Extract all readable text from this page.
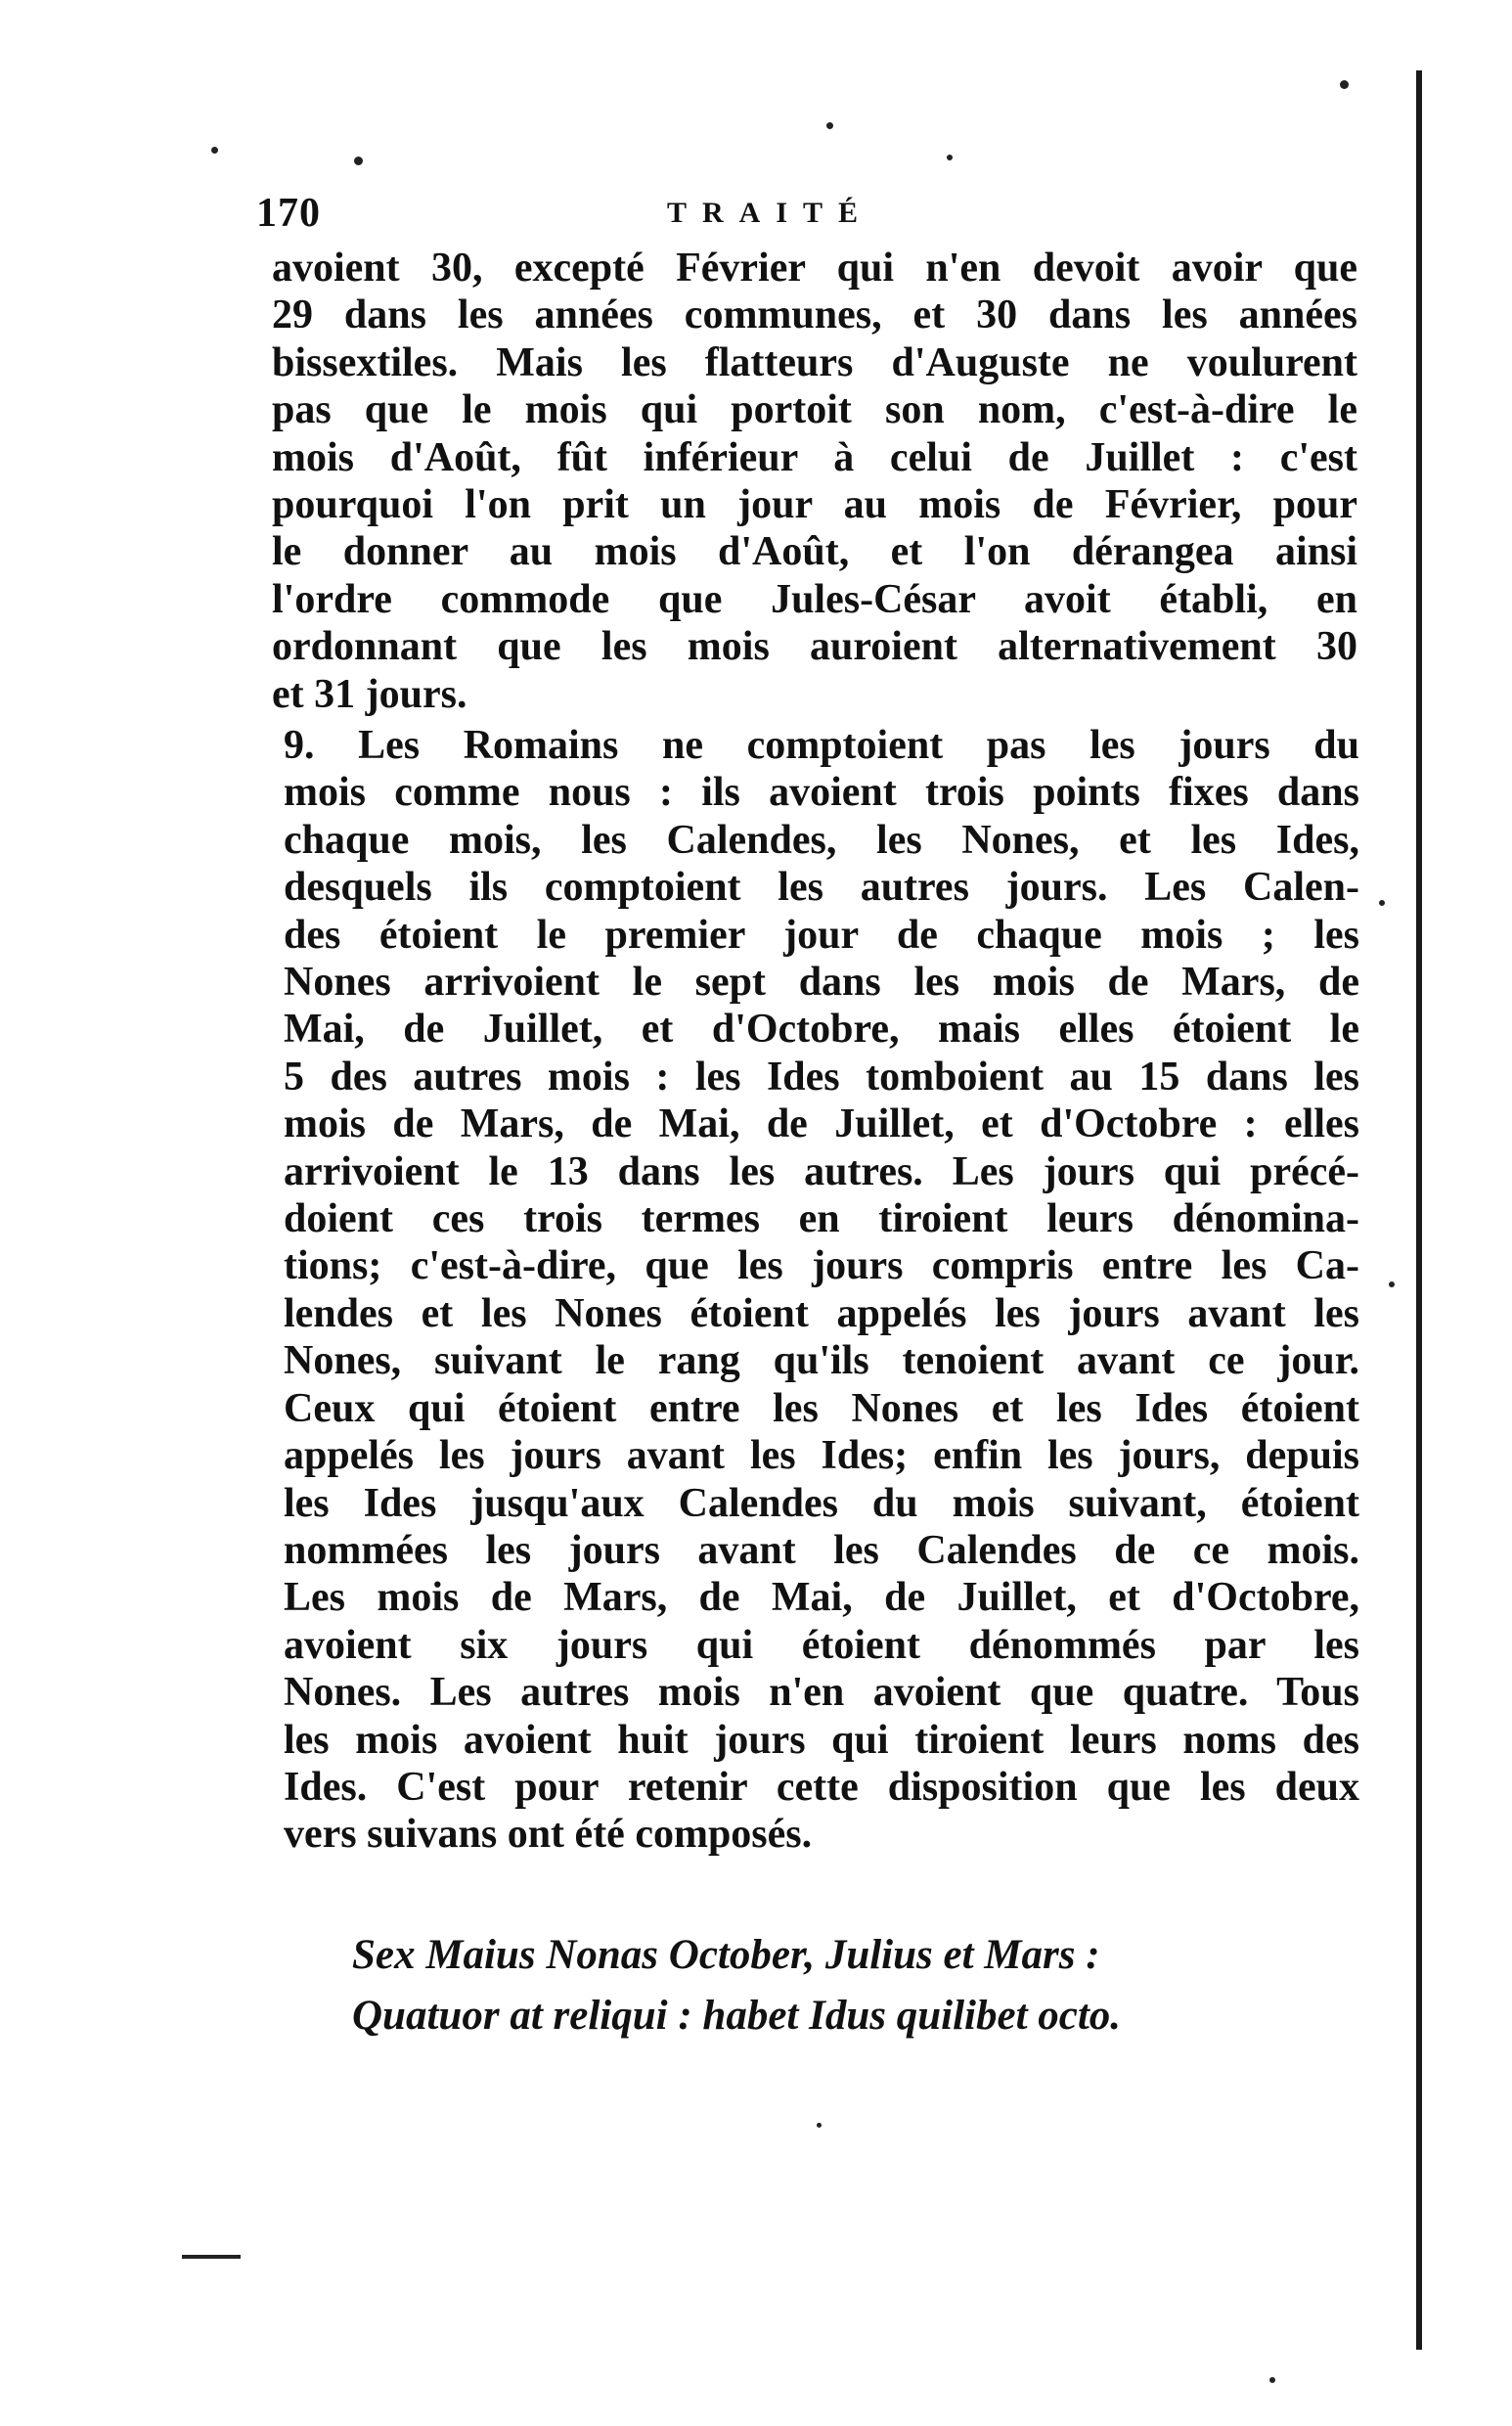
170	TRAITÉ
avoient 30, excepté Février qui n'en devoit avoir que
29 dans les années communes, et 30 dans les années
bissextiles. Mais les flatteurs d'Auguste ne voulurent
pas que le mois qui portoit son nom, c'est-à-dire le
mois d'Août, fût inférieur à celui de Juillet : c'est
pourquoi l'on prit un jour au mois de Février, pour
le donner au mois d'Août, et l'on dérangea ainsi
l'ordre commode que Jules-César avoit établi, en
ordonnant que les mois auroient alternativement 30
et 31 jours.
9. Les Romains ne comptoient pas les jours du
mois comme nous : ils avoient trois points fixes dans
chaque mois, les Calendes, les Nones, et les Ides,
desquels ils comptoient les autres jours. Les Calen-
des étoient le premier jour de chaque mois ; les
Nones arrivoient le sept dans les mois de Mars, de
Mai, de Juillet, et d'Octobre, mais elles étoient le
5 des autres mois : les Ides tomboient au 15 dans les
mois de Mars, de Mai, de Juillet, et d'Octobre : elles
arrivoient le 13 dans les autres. Les jours qui précé-
doient ces trois termes en tiroient leurs dénomina-
tions; c'est-à-dire, que les jours compris entre les Ca-
lendes et les Nones étoient appelés les jours avant les
Nones, suivant le rang qu'ils tenoient avant ce jour.
Ceux qui étoient entre les Nones et les Ides étoient
appelés les jours avant les Ides; enfin les jours, depuis
les Ides jusqu'aux Calendes du mois suivant, étoient
nommées les jours avant les Calendes de ce mois.
Les mois de Mars, de Mai, de Juillet, et d'Octobre,
avoient six jours qui étoient dénommés par les
Nones. Les autres mois n'en avoient que quatre. Tous
les mois avoient huit jours qui tiroient leurs noms des
Ides. C'est pour retenir cette disposition que les deux
vers suivans ont été composés.
Sex Maius Nonas October, Julius et Mars :
Quatuor at reliqui : habet Idus quilibet octo.
